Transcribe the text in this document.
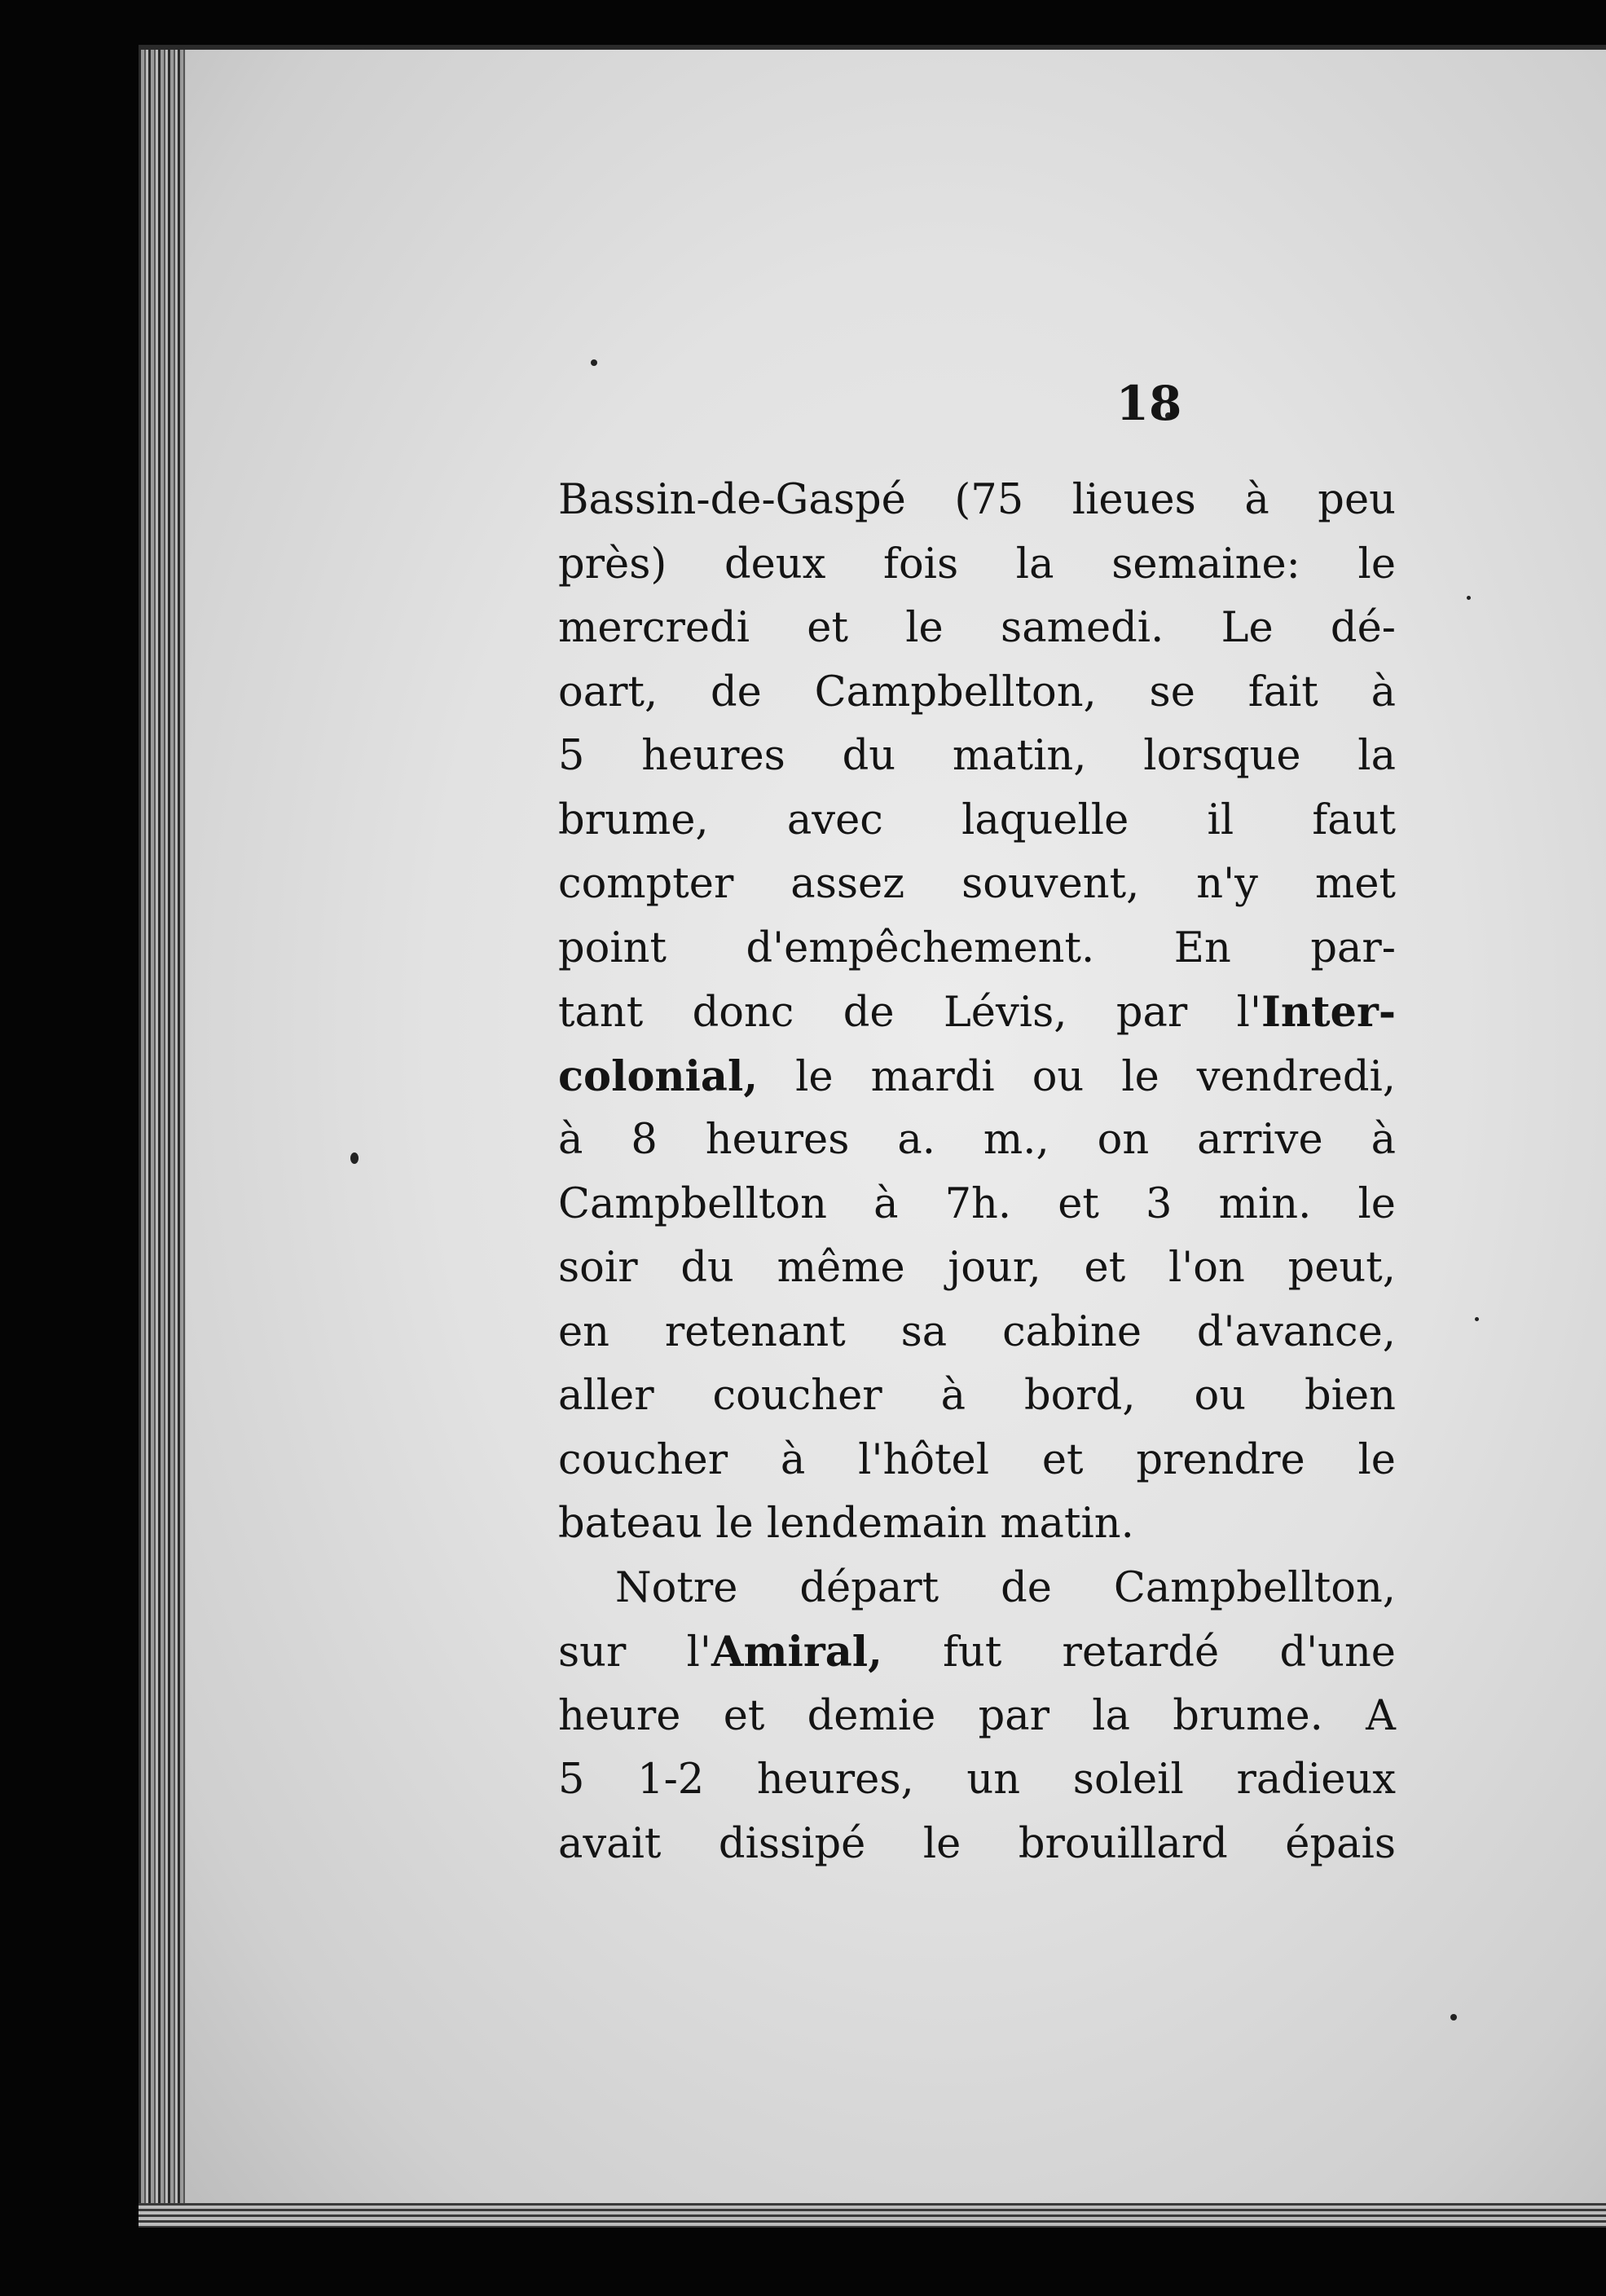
18
Bassin-de-Gaspé (75 lieues à peu
près) deux fois la semaine: le
mercredi et le samedi. Le dé-
oart, de Campbellton, se fait à
5 heures du matin, lorsque la
brume, avec laquelle il faut
compter assez souvent, n'y met
point d'empêchement. En par-
tant donc de Lévis, par l'Inter-
colonial, le mardi ou le vendredi,
à 8 heures a. m., on arrive à
Campbellton à 7h. et 3 min. le
soir du même jour, et l'on peut,
en retenant sa cabine d'avance,
aller coucher à bord, ou bien
coucher à l'hôtel et prendre le
bateau le lendemain matin.
Notre départ de Campbellton,
sur l'Amiral, fut retardé d'une
heure et demie par la brume. A
5 1-2 heures, un soleil radieux
avait dissipé le brouillard épais
